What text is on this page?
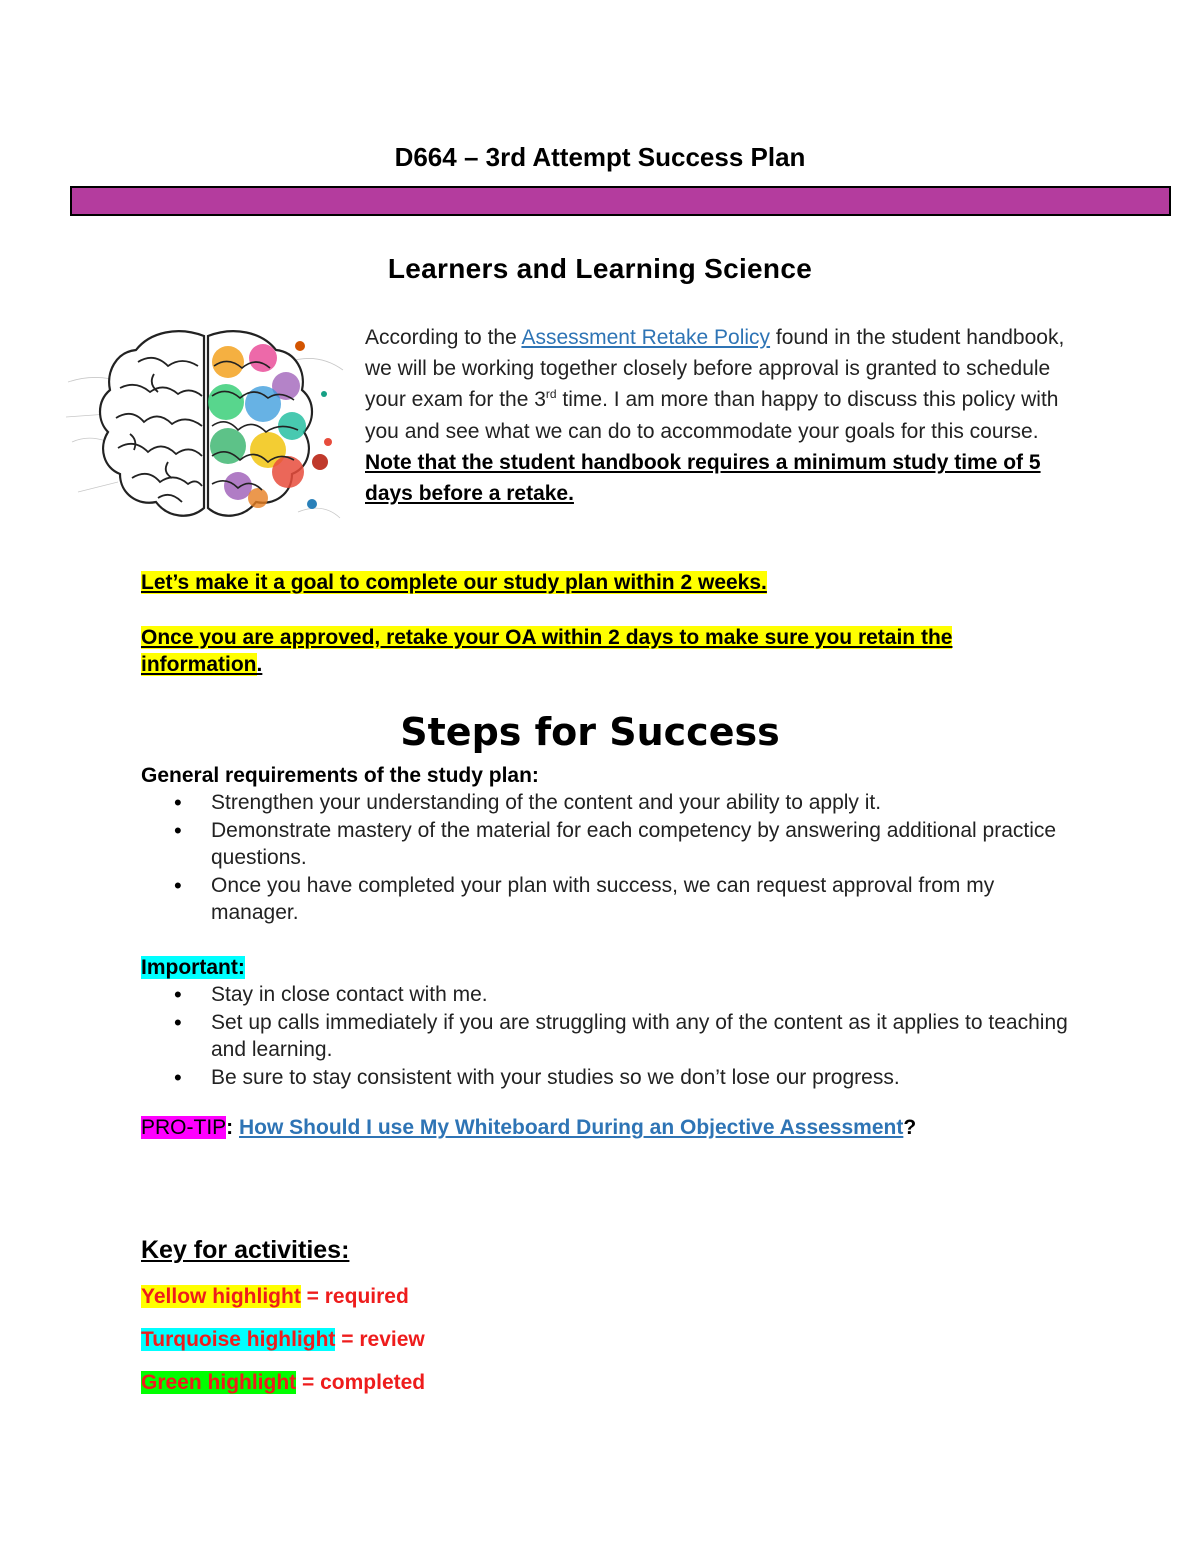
D664 – 3rd Attempt Success Plan
Learners and Learning Science
According to the Assessment Retake Policy found in the student handbook, we will be working together closely before approval is granted to schedule your exam for the 3rd time. I am more than happy to discuss this policy with you and see what we can do to accommodate your goals for this course. Note that the student handbook requires a minimum study time of 5 days before a retake.
Let’s make it a goal to complete our study plan within 2 weeks.
Once you are approved, retake your OA within 2 days to make sure you retain the information.
Steps for Success
General requirements of the study plan:
• Strengthen your understanding of the content and your ability to apply it.
• Demonstrate mastery of the material for each competency by answering additional practice questions.
• Once you have completed your plan with success, we can request approval from my manager.
Important:
• Stay in close contact with me.
• Set up calls immediately if you are struggling with any of the content as it applies to teaching and learning.
• Be sure to stay consistent with your studies so we don’t lose our progress.
PRO-TIP: How Should I use My Whiteboard During an Objective Assessment?
Key for activities:
Yellow highlight = required
Turquoise highlight = review
Green highlight = completed
